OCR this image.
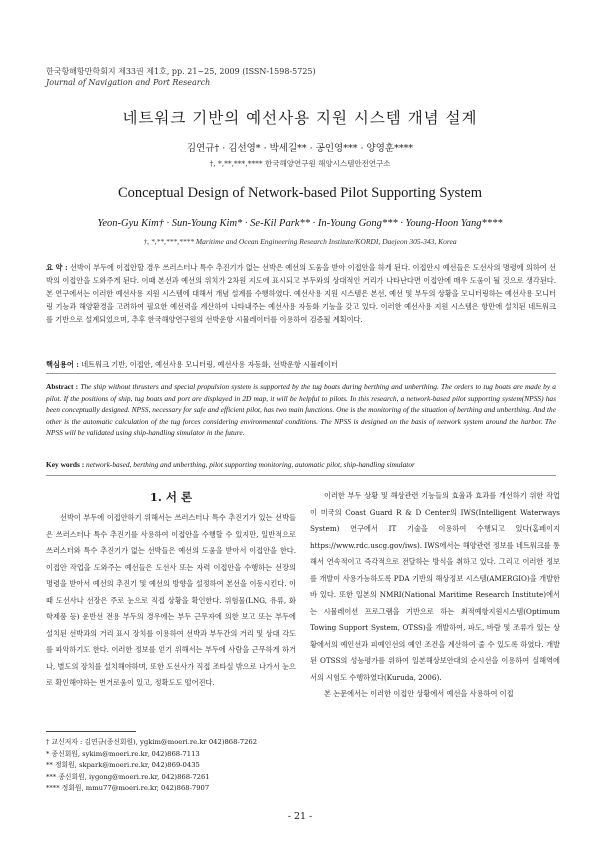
한국항해항만학회지 제33권 제1호, pp. 21~25, 2009 (ISSN-1598-5725)
Journal of Navigation and Port Research
네트워크 기반의 예선사용 지원 시스템 개념 설계
김연규† · 김선영* · 박세길** · 공인영*** · 양영훈****
†, *,**,***,**** 한국해양연구원 해양시스템안전연구소
Conceptual Design of Network-based Pilot Supporting System
Yeon-Gyu Kim† · Sun-Young Kim* · Se-Kil Park** · In-Young Gong*** · Young-Hoon Yang****
†, *,**,***,**** Maritime and Ocean Engineering Research Institute/KORDI, Daejeon 305-343, Korea
요 약 : 선박이 부두에 이접안할 경우 쓰러스터나 특수 추진기가 없는 선박은 예선의 도움을 받아 이접안을 하게 된다. 이접안시 예선들은 도선사의 명령에 의하여 선박의 이접안을 도와주게 된다. 이때 본선과 예선의 위치가 2차원 지도에 표시되고 부두와의 상대적인 거리가 나타난다면 이접안에 매우 도움이 될 것으로 생각된다. 본 연구에서는 이러한 예선사용 지원 시스템에 대해서 개념 설계를 수행하였다. 예선사용 지원 시스템은 본선, 예선 및 부두의 상황을 모니터링하는 예선사용 모니터링 기능과 해양환경을 고려하여 필요한 예선력을 계산하여 나타내주는 예선사용 자동화 기능을 갖고 있다. 이러한 예선사용 지원 시스템은 항만에 설치된 네트워크를 기반으로 설계되었으며, 추후 한국해양연구원의 선박운항 시뮬레이터를 이용하여 검증될 계획이다.
핵심용어 : 네트워크 기반, 이접안, 예선사용 모니터링, 예선사용 자동화, 선박운항 시뮬레이터
Abstract : The ship without thrusters and special propulsion system is supported by the tug boats during berthing and unberthing. The orders to tug boats are made by a pilot. If the positions of ship, tug boats and port are displayed in 2D map, it will be helpful to pilots. In this research, a network-based pilot supporting system(NPSS) has been conceptually designed. NPSS, necessary for safe and efficient pilot, has two main functions. One is the monitoring of the situation of berthing and unberthing. And the other is the automatic calculation of the tug forces considering environmental conditions. The NPSS is designed on the basis of network system around the harbor. The NPSS will be validated using ship-handling simulator in the future.
Key words : network-based, berthing and unberthing, pilot supporting monitoring, automatic pilot, ship-handling simulator
1. 서 론

선박이 부두에 이접안하기 위해서는 쓰러스터나 특수 추진기가 있는 선박들은 쓰러스터나 특수 추진기를 사용하여 이접안을 수행할 수 있지만, 일반적으로 쓰러스터와 특수 추진기가 없는 선박들은 예선의 도움을 받아서 이접안을 한다. 이접안 작업을 도와주는 예선들은 도선사 또는 자력 이접안을 수행하는 선장의 명령을 받아서 예선의 추진기 및 예선의 방향을 설정하여 본선을 이동시킨다. 이때 도선사나 선장은 주로 눈으로 직접 상황을 확인한다. 위험물(LNG, 유류, 화학제품 등) 운반선 전용 부두의 경우에는 부두 근무자에 의한 보고 또는 부두에 설치된 선박과의 거리 표시 장치를 이용하여 선박과 부두간의 거리 및 상대 각도를 파악하기도 한다. 이러한 정보를 얻기 위해서는 부두에 사람을 근무하게 하거나, 별도의 장치를 설치해야하며, 또한 도선사가 직접 조타실 밖으로 나가서 눈으로 확인해야하는 번거로움이 있고, 정확도도 떨어진다.

이러한 부두 상황 및 해상관련 기능들의 효율과 효과를 개선하기 위한 작업이 미국의 Coast Guard R & D Center의 IWS(Intelligent Waterways System) 연구에서 IT 기술을 이용하여 수행되고 있다(홈페이지 https://www.rdc.uscg.gov/iws). IWS에서는 해양관련 정보를 네트워크를 통해서 연속적이고 즉각적으로 전달하는 방식을 취하고 있다. 그리고 이러한 정보를 개발이 사용가능하도록 PDA 기반의 해상정보 시스템(AMERGIO)을 개발한 바 있다. 또한 일본의 NMRI(National Maritime Research Institute)에서는 시뮬레이션 프로그램을 기반으로 하는 최적예항지원시스템(Optimum Towing Support System, OTSS)을 개발하여, 파도, 바람 및 조류가 있는 상황에서의 예인선과 피예인선의 예인 조건을 계산하여 줄 수 있도록 하였다. 개발된 OTSS의 성능평가를 위하여 일본해상보안대의 순시선을 이용하여 실해역에서의 시험도 수행하였다(Kuruda, 2006).

본 논문에서는 이러한 이접안 상황에서 예선을 사용하여 이접

† 교신저자 : 김연규(종신회원), ygkim@moeri.re.kr 042)868-7262
* 종신회원, sykim@moeri.re.kr, 042)868-7113
** 정회원, skpark@moeri.re.kr, 042)869-0435
*** 종신회원, iygong@moeri.re.kr, 042)868-7261
**** 정회원, mmu77@moeri.re.kr, 042)868-7907
- 21 -
